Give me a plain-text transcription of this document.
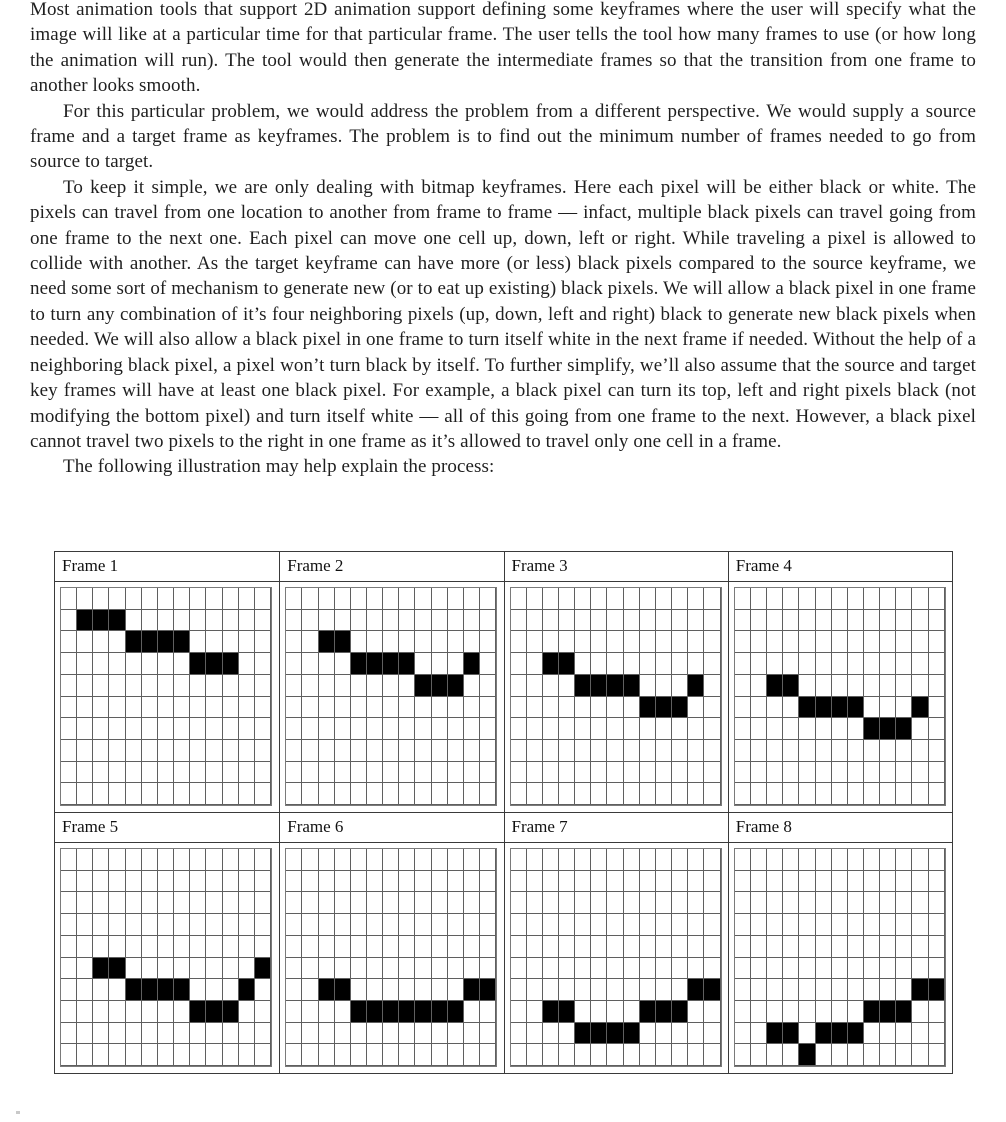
Most animation tools that support 2D animation support defining some keyframes where the user will specify what the image will like at a particular time for that particular frame. The user tells the tool how many frames to use (or how long the animation will run). The tool would then generate the intermediate frames so that the transition from one frame to another looks smooth.

For this particular problem, we would address the problem from a different perspective. We would supply a source frame and a target frame as keyframes. The problem is to find out the minimum number of frames needed to go from source to target.

To keep it simple, we are only dealing with bitmap keyframes. Here each pixel will be either black or white. The pixels can travel from one location to another from frame to frame — infact, multiple black pixels can travel going from one frame to the next one. Each pixel can move one cell up, down, left or right. While traveling a pixel is allowed to collide with another. As the target keyframe can have more (or less) black pixels compared to the source keyframe, we need some sort of mechanism to generate new (or to eat up existing) black pixels. We will allow a black pixel in one frame to turn any combination of it’s four neighboring pixels (up, down, left and right) black to generate new black pixels when needed. We will also allow a black pixel in one frame to turn itself white in the next frame if needed. Without the help of a neighboring black pixel, a pixel won’t turn black by itself. To further simplify, we’ll also assume that the source and target key frames will have at least one black pixel. For example, a black pixel can turn its top, left and right pixels black (not modifying the bottom pixel) and turn itself white — all of this going from one frame to the next. However, a black pixel cannot travel two pixels to the right in one frame as it’s allowed to travel only one cell in a frame.

The following illustration may help explain the process:

Frame 1	Frame 2	Frame 3	Frame 4
Frame 5	Frame 6	Frame 7	Frame 8
